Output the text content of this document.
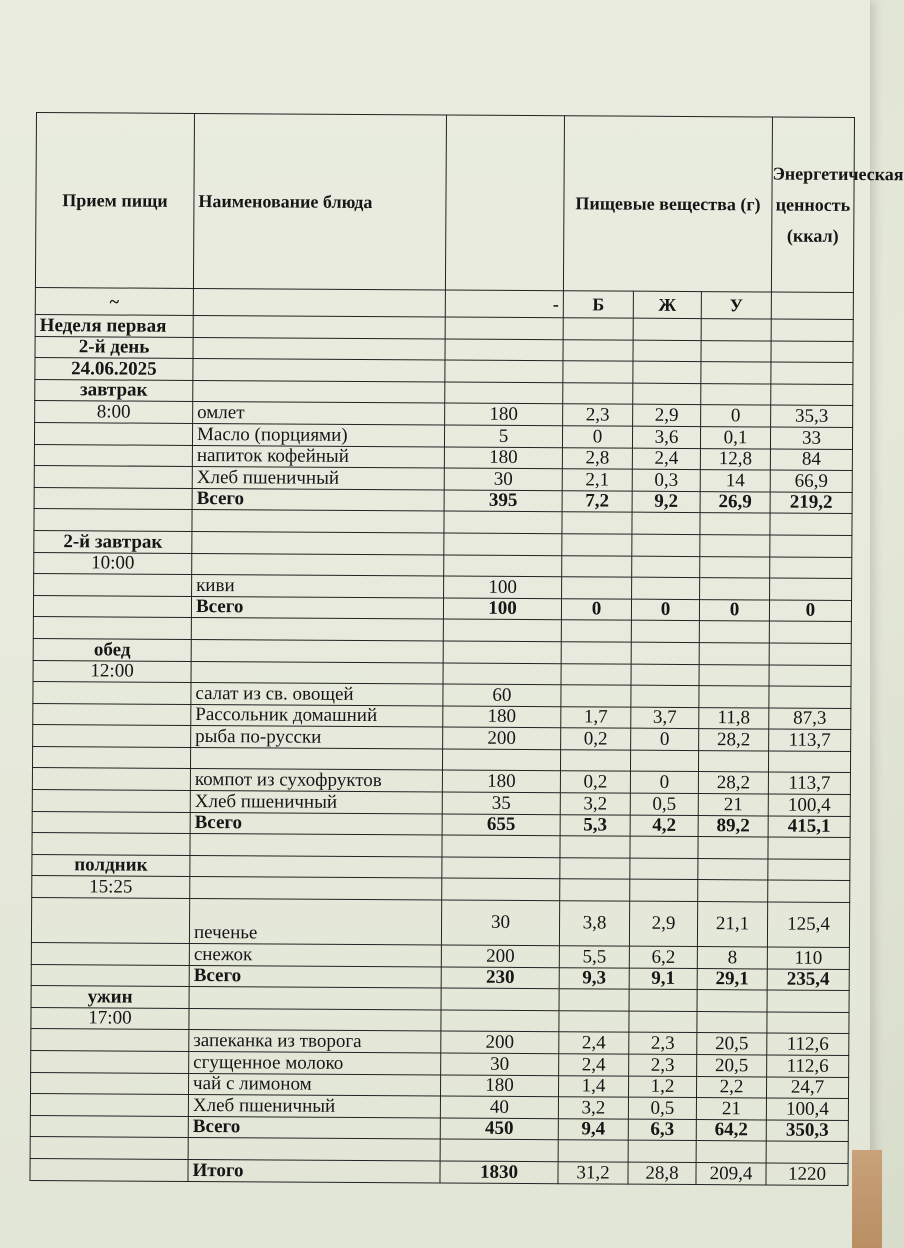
Прием пищи	Наименование блюда		Пищевые вещества (г)			Энергетическая ценность (ккал)
~		-	Б	Ж	У	
Неделя первая						
2-й день						
24.06.2025						
завтрак						
8:00	омлет	180	2,3	2,9	0	35,3
	Масло (порциями)	5	0	3,6	0,1	33
	напиток кофейный	180	2,8	2,4	12,8	84
	Хлеб пшеничный	30	2,1	0,3	14	66,9
	Всего	395	7,2	9,2	26,9	219,2

2-й завтрак						
10:00						
	киви	100				
	Всего	100	0	0	0	0

обед						
12:00						
	салат из св. овощей	60				
	Рассольник домашний	180	1,7	3,7	11,8	87,3
	рыба по-русски	200	0,2	0	28,2	113,7

	компот из сухофруктов	180	0,2	0	28,2	113,7
	Хлеб пшеничный	35	3,2	0,5	21	100,4
	Всего	655	5,3	4,2	89,2	415,1

полдник						
15:25						
	печенье	30	3,8	2,9	21,1	125,4
	снежок	200	5,5	6,2	8	110
	Всего	230	9,3	9,1	29,1	235,4
ужин						
17:00						
	запеканка из творога	200	2,4	2,3	20,5	112,6
	сгущенное молоко	30	2,4	2,3	20,5	112,6
	чай с лимоном	180	1,4	1,2	2,2	24,7
	Хлеб пшеничный	40	3,2	0,5	21	100,4
	Всего	450	9,4	6,3	64,2	350,3

	Итого	1830	31,2	28,8	209,4	1220
